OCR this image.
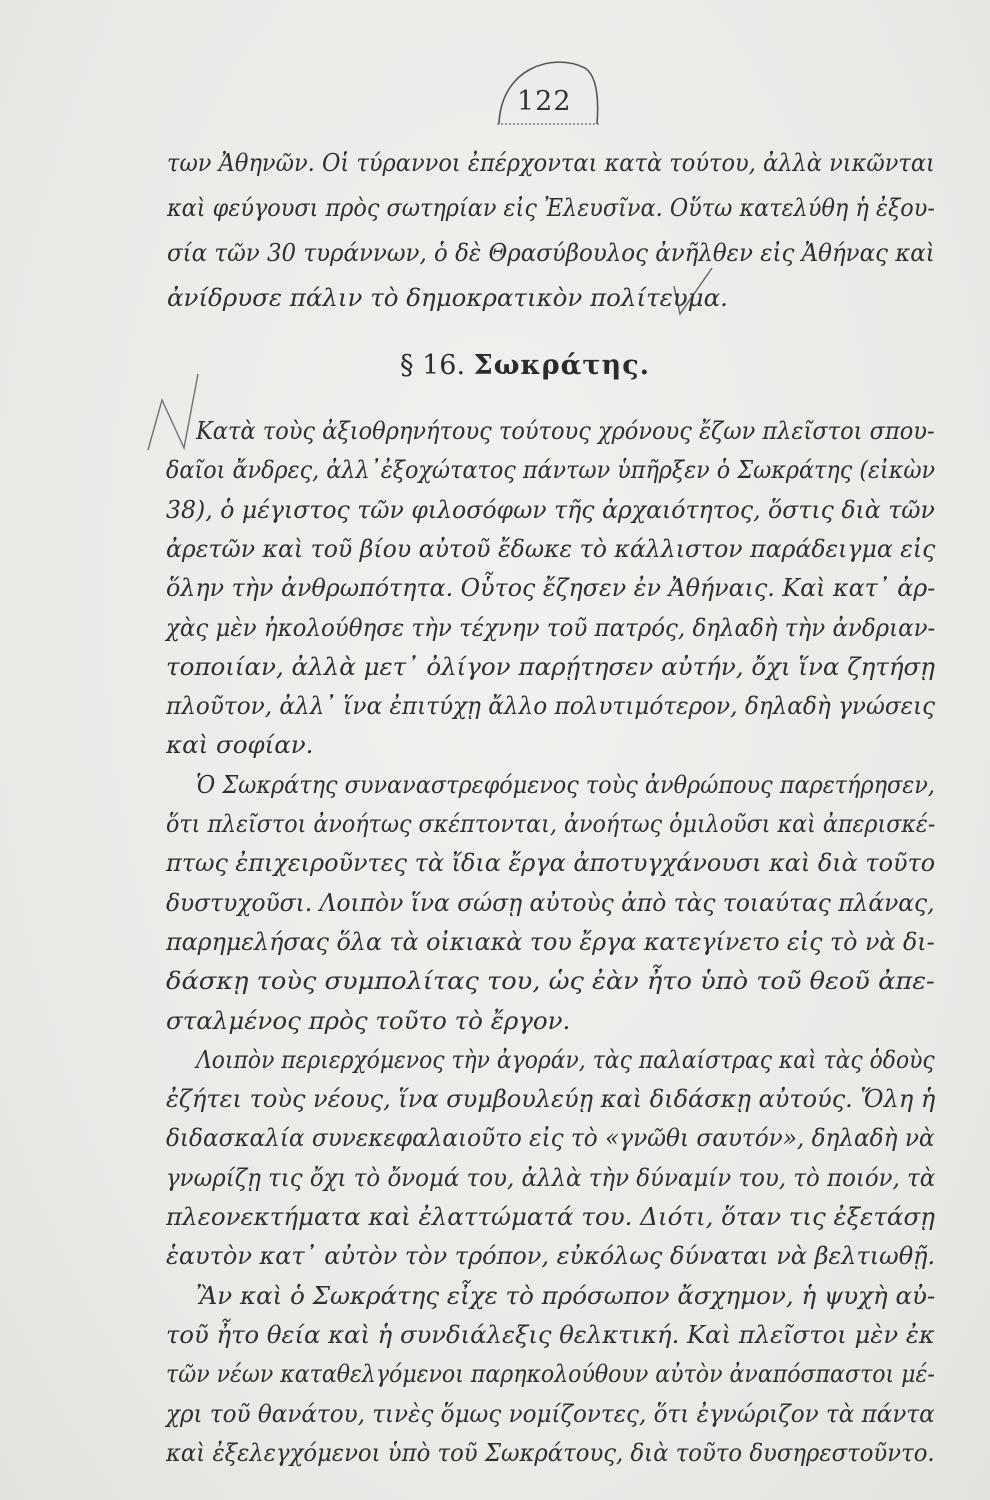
122
§ 16. Σωκράτης.
των Ἀθηνῶν. Οἱ τύραννοι ἐπέρχονται κατὰ τούτου, ἀλλὰ νικῶνται
καὶ φεύγουσι πρὸς σωτηρίαν εἰς Ἐλευσῖνα. Οὕτω κατελύθη ἡ ἐξου-
σία τῶν 30 τυράννων, ὁ δὲ Θρασύβουλος ἀνῆλθεν εἰς Ἀθήνας καὶ
ἀνίδρυσε πάλιν τὸ δημοκρατικὸν πολίτευμα.
Κατὰ τοὺς ἀξιοθρηνήτους τούτους χρόνους ἔζων πλεῖστοι σπου-
δαῖοι ἄνδρες, ἀλλ᾽ἐξοχώτατος πάντων ὑπῆρξεν ὁ Σωκράτης (εἰκὼν
38), ὁ μέγιστος τῶν φιλοσόφων τῆς ἀρχαιότητος, ὅστις διὰ τῶν
ἀρετῶν καὶ τοῦ βίου αὐτοῦ ἔδωκε τὸ κάλλιστον παράδειγμα εἰς
ὅλην τὴν ἀνθρωπότητα. Οὗτος ἔζησεν ἐν Ἀθήναις. Καὶ κατ᾽ ἀρ-
χὰς μὲν ἠκολούθησε τὴν τέχνην τοῦ πατρός, δηλαδὴ τὴν ἀνδριαν-
τοποιίαν, ἀλλὰ μετ᾽ ὀλίγον παρῄτησεν αὐτήν, ὄχι ἵνα ζητήσῃ
πλοῦτον, ἀλλ᾽ ἵνα ἐπιτύχῃ ἄλλο πολυτιμότερον, δηλαδὴ γνώσεις
καὶ σοφίαν.
Ὁ Σωκράτης συναναστρεφόμενος τοὺς ἀνθρώπους παρετήρησεν,
ὅτι πλεῖστοι ἀνοήτως σκέπτονται, ἀνοήτως ὁμιλοῦσι καὶ ἀπερισκέ-
πτως ἐπιχειροῦντες τὰ ἴδια ἔργα ἀποτυγχάνουσι καὶ διὰ τοῦτο
δυστυχοῦσι. Λοιπὸν ἵνα σώσῃ αὐτοὺς ἀπὸ τὰς τοιαύτας πλάνας,
παρημελήσας ὅλα τὰ οἰκιακὰ του ἔργα κατεγίνετο εἰς τὸ νὰ δι-
δάσκῃ τοὺς συμπολίτας του, ὡς ἐὰν ἦτο ὑπὸ τοῦ θεοῦ ἀπε-
σταλμένος πρὸς τοῦτο τὸ ἔργον.
Λοιπὸν περιερχόμενος τὴν ἀγοράν, τὰς παλαίστρας καὶ τὰς ὁδοὺς
ἐζήτει τοὺς νέους, ἵνα συμβουλεύῃ καὶ διδάσκῃ αὐτούς. Ὅλη ἡ
διδασκαλία συνεκεφαλαιοῦτο εἰς τὸ «γνῶθι σαυτόν», δηλαδὴ νὰ
γνωρίζῃ τις ὄχι τὸ ὄνομά του, ἀλλὰ τὴν δύναμίν του, τὸ ποιόν, τὰ
πλεονεκτήματα καὶ ἐλαττώματά του. Διότι, ὅταν τις ἐξετάσῃ
ἑαυτὸν κατ᾽ αὐτὸν τὸν τρόπον, εὐκόλως δύναται νὰ βελτιωθῇ.
Ἂν καὶ ὁ Σωκράτης εἶχε τὸ πρόσωπον ἄσχημον, ἡ ψυχὴ αὐ-
τοῦ ἦτο θεία καὶ ἡ συνδιάλεξις θελκτική. Καὶ πλεῖστοι μὲν ἐκ
τῶν νέων καταθελγόμενοι παρηκολούθουν αὐτὸν ἀναπόσπαστοι μέ-
χρι τοῦ θανάτου, τινὲς ὅμως νομίζοντες, ὅτι ἐγνώριζον τὰ πάντα
καὶ ἐξελεγχόμενοι ὑπὸ τοῦ Σωκράτους, διὰ τοῦτο δυσηρεστοῦντο.
